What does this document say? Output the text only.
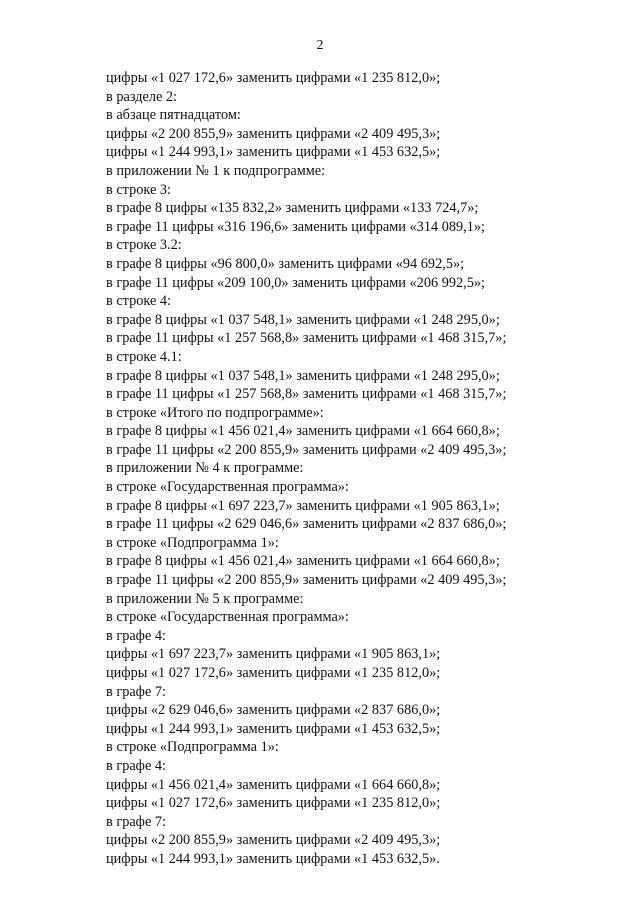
2
цифры «1 027 172,6» заменить цифрами «1 235 812,0»;
в разделе 2:
в абзаце пятнадцатом:
цифры «2 200 855,9» заменить цифрами «2 409 495,3»;
цифры «1 244 993,1» заменить цифрами «1 453 632,5»;
в приложении № 1 к подпрограмме:
в строке 3:
в графе 8 цифры «135 832,2» заменить цифрами «133 724,7»;
в графе 11 цифры «316 196,6» заменить цифрами «314 089,1»;
в строке 3.2:
в графе 8 цифры «96 800,0» заменить цифрами «94 692,5»;
в графе 11 цифры «209 100,0» заменить цифрами «206 992,5»;
в строке 4:
в графе 8 цифры «1 037 548,1» заменить цифрами «1 248 295,0»;
в графе 11 цифры «1 257 568,8» заменить цифрами «1 468 315,7»;
в строке 4.1:
в графе 8 цифры «1 037 548,1» заменить цифрами «1 248 295,0»;
в графе 11 цифры «1 257 568,8» заменить цифрами «1 468 315,7»;
в строке «Итого по подпрограмме»:
в графе 8 цифры «1 456 021,4» заменить цифрами «1 664 660,8»;
в графе 11 цифры «2 200 855,9» заменить цифрами «2 409 495,3»;
в приложении № 4 к программе:
в строке «Государственная программа»:
в графе 8 цифры «1 697 223,7» заменить цифрами «1 905 863,1»;
в графе 11 цифры «2 629 046,6» заменить цифрами «2 837 686,0»;
в строке «Подпрограмма 1»:
в графе 8 цифры «1 456 021,4» заменить цифрами «1 664 660,8»;
в графе 11 цифры «2 200 855,9» заменить цифрами «2 409 495,3»;
в приложении № 5 к программе:
в строке «Государственная программа»:
в графе 4:
цифры «1 697 223,7» заменить цифрами «1 905 863,1»;
цифры «1 027 172,6» заменить цифрами «1 235 812,0»;
в графе 7:
цифры «2 629 046,6» заменить цифрами «2 837 686,0»;
цифры «1 244 993,1» заменить цифрами «1 453 632,5»;
в строке «Подпрограмма 1»:
в графе 4:
цифры «1 456 021,4» заменить цифрами «1 664 660,8»;
цифры «1 027 172,6» заменить цифрами «1 235 812,0»;
в графе 7:
цифры «2 200 855,9» заменить цифрами «2 409 495,3»;
цифры «1 244 993,1» заменить цифрами «1 453 632,5».
